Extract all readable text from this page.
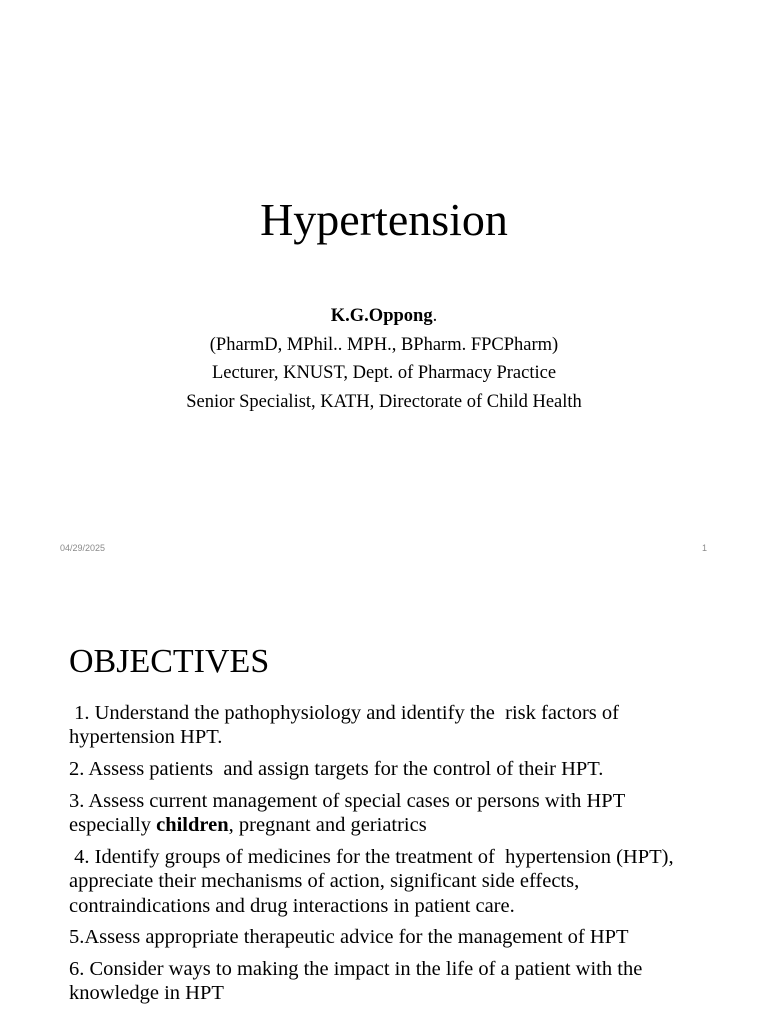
Hypertension
K.G.Oppong.
(PharmD, MPhil.. MPH., BPharm. FPCPharm)
Lecturer, KNUST, Dept. of Pharmacy Practice
Senior Specialist, KATH, Directorate of Child Health
04/29/2025	1
OBJECTIVES
1. Understand the pathophysiology and identify the  risk factors of hypertension HPT.
2. Assess patients  and assign targets for the control of their HPT.
3. Assess current management of special cases or persons with HPT especially children, pregnant and geriatrics
4. Identify groups of medicines for the treatment of  hypertension (HPT), appreciate their mechanisms of action, significant side effects, contraindications and drug interactions in patient care.
5.Assess appropriate therapeutic advice for the management of HPT
6. Consider ways to making the impact in the life of a patient with the knowledge in HPT
